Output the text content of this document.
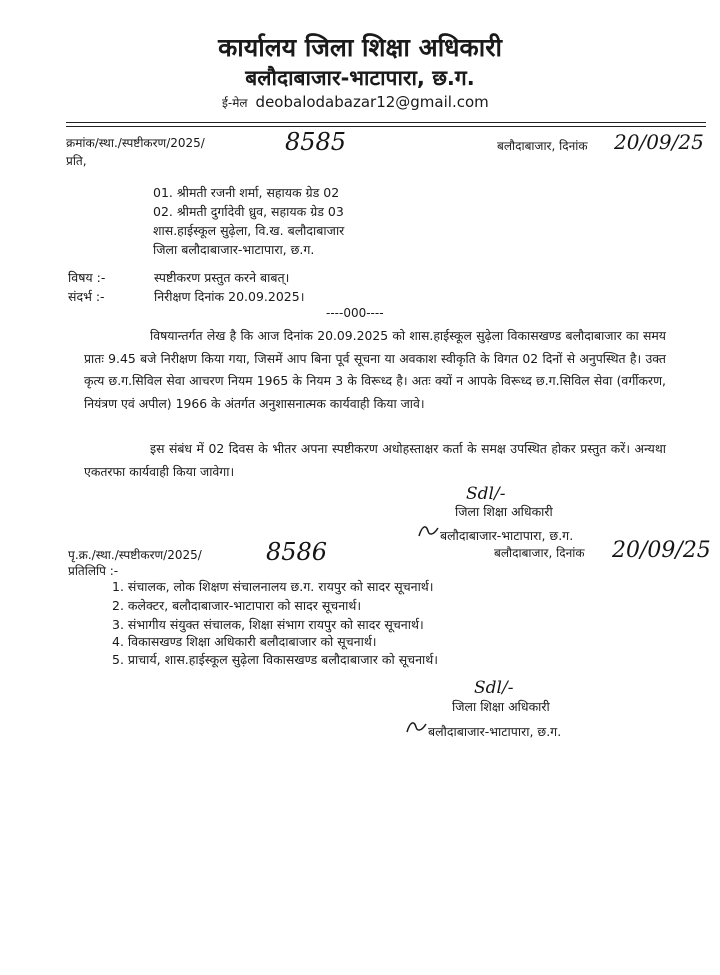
कार्यालय जिला शिक्षा अधिकारी
बलौदाबाजार-भाटापारा, छ.ग.
ई-मेल deobalodabazar12@gmail.com
क्रमांक/स्था./स्पष्टीकरण/2025/	8585
प्रति,
बलौदाबाजार, दिनांक 20/09/25
01. श्रीमती रजनी शर्मा, सहायक ग्रेड 02
02. श्रीमती दुर्गादेवी ध्रुव, सहायक ग्रेड 03
शास.हाईस्कूल सुढ़ेला, वि.ख. बलौदाबाजार
जिला बलौदाबाजार-भाटापारा, छ.ग.
विषय :-	स्पष्टीकरण प्रस्तुत करने बाबत्।
संदर्भ :-	निरीक्षण दिनांक 20.09.2025।
----000----

विषयान्तर्गत लेख है कि आज दिनांक 20.09.2025 को शास.हाईस्कूल सुढ़ेला विकासखण्ड बलौदाबाजार का समय प्रातः 9.45 बजे निरीक्षण किया गया, जिसमें आप बिना पूर्व सूचना या अवकाश स्वीकृति के विगत 02 दिनों से अनुपस्थित है। उक्त कृत्य छ.ग.सिविल सेवा आचरण नियम 1965 के नियम 3 के विरूध्द है। अतः क्यों न आपके विरूध्द छ.ग.सिविल सेवा (वर्गीकरण, नियंत्रण एवं अपील) 1966 के अंतर्गत अनुशासनात्मक कार्यवाही किया जावे।

इस संबंध में 02 दिवस के भीतर अपना स्पष्टीकरण अधोहस्ताक्षर कर्ता के समक्ष उपस्थित होकर प्रस्तुत करें। अन्यथा एकतरफा कार्यवाही किया जावेगा।

Sdl/-
जिला शिक्षा अधिकारी
बलौदाबाजार-भाटापारा, छ.ग.
पृ.क्र./स्था./स्पष्टीकरण/2025/	8586	बलौदाबाजार, दिनांक 20/09/25
प्रतिलिपि :-
1. संचालक, लोक शिक्षण संचालनालय छ.ग. रायपुर को सादर सूचनार्थ।
2. कलेक्टर, बलौदाबाजार-भाटापारा को सादर सूचनार्थ।
3. संभागीय संयुक्त संचालक, शिक्षा संभाग रायपुर को सादर सूचनार्थ।
4. विकासखण्ड शिक्षा अधिकारी बलौदाबाजार को सूचनार्थ।
5. प्राचार्य, शास.हाईस्कूल सुढ़ेला विकासखण्ड बलौदाबाजार को सूचनार्थ।
Sdl/-
जिला शिक्षा अधिकारी
बलौदाबाजार-भाटापारा, छ.ग.
